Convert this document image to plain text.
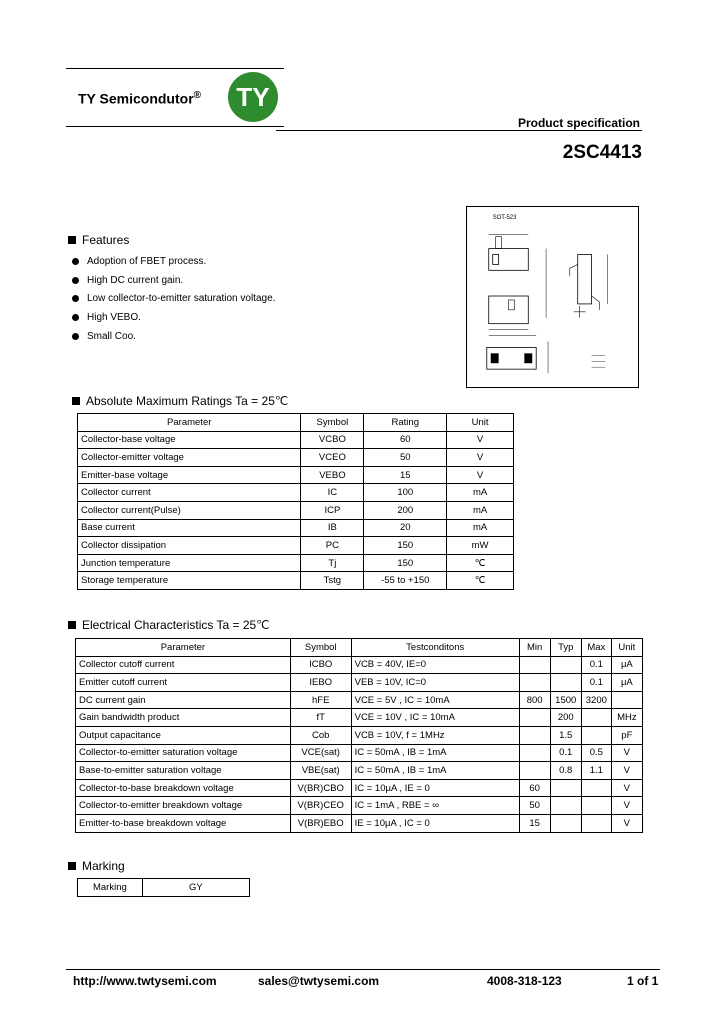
TY Semicondutor®	TY
Product specification
2SC4413
Features
Adoption of FBET process.
High DC current gain.
Low collector-to-emitter saturation voltage.
High VEBO.
Small Coo.
SOT-523
Absolute Maximum Ratings Ta = 25℃
Parameter	Symbol	Rating	Unit
Collector-base voltage	VCBO	60	V
Collector-emitter voltage	VCEO	50	V
Emitter-base voltage	VEBO	15	V
Collector current	IC	100	mA
Collector current(Pulse)	ICP	200	mA
Base current	IB	20	mA
Collector dissipation	PC	150	mW
Junction temperature	Tj	150	℃
Storage temperature	Tstg	-55 to +150	℃
Electrical Characteristics Ta = 25℃
Parameter	Symbol	Testconditons	Min	Typ	Max	Unit
Collector cutoff current	ICBO	VCB = 40V, IE=0			0.1	μA
Emitter cutoff current	IEBO	VEB = 10V, IC=0			0.1	μA
DC current gain	hFE	VCE = 5V , IC = 10mA	800	1500	3200	
Gain bandwidth product	fT	VCE = 10V , IC = 10mA		200		MHz
Output capacitance	Cob	VCB = 10V, f = 1MHz		1.5		pF
Collector-to-emitter saturation voltage	VCE(sat)	IC = 50mA , IB = 1mA		0.1	0.5	V
Base-to-emitter saturation voltage	VBE(sat)	IC = 50mA , IB = 1mA		0.8	1.1	V
Collector-to-base breakdown voltage	V(BR)CBO	IC = 10μA , IE = 0	60			V
Collector-to-emitter breakdown voltage	V(BR)CEO	IC = 1mA , RBE = ∞	50			V
Emitter-to-base breakdown voltage	V(BR)EBO	IE = 10μA , IC = 0	15			V
Marking
Marking	GY
http://www.twtysemi.com	sales@twtysemi.com	4008-318-123	1 of 1
